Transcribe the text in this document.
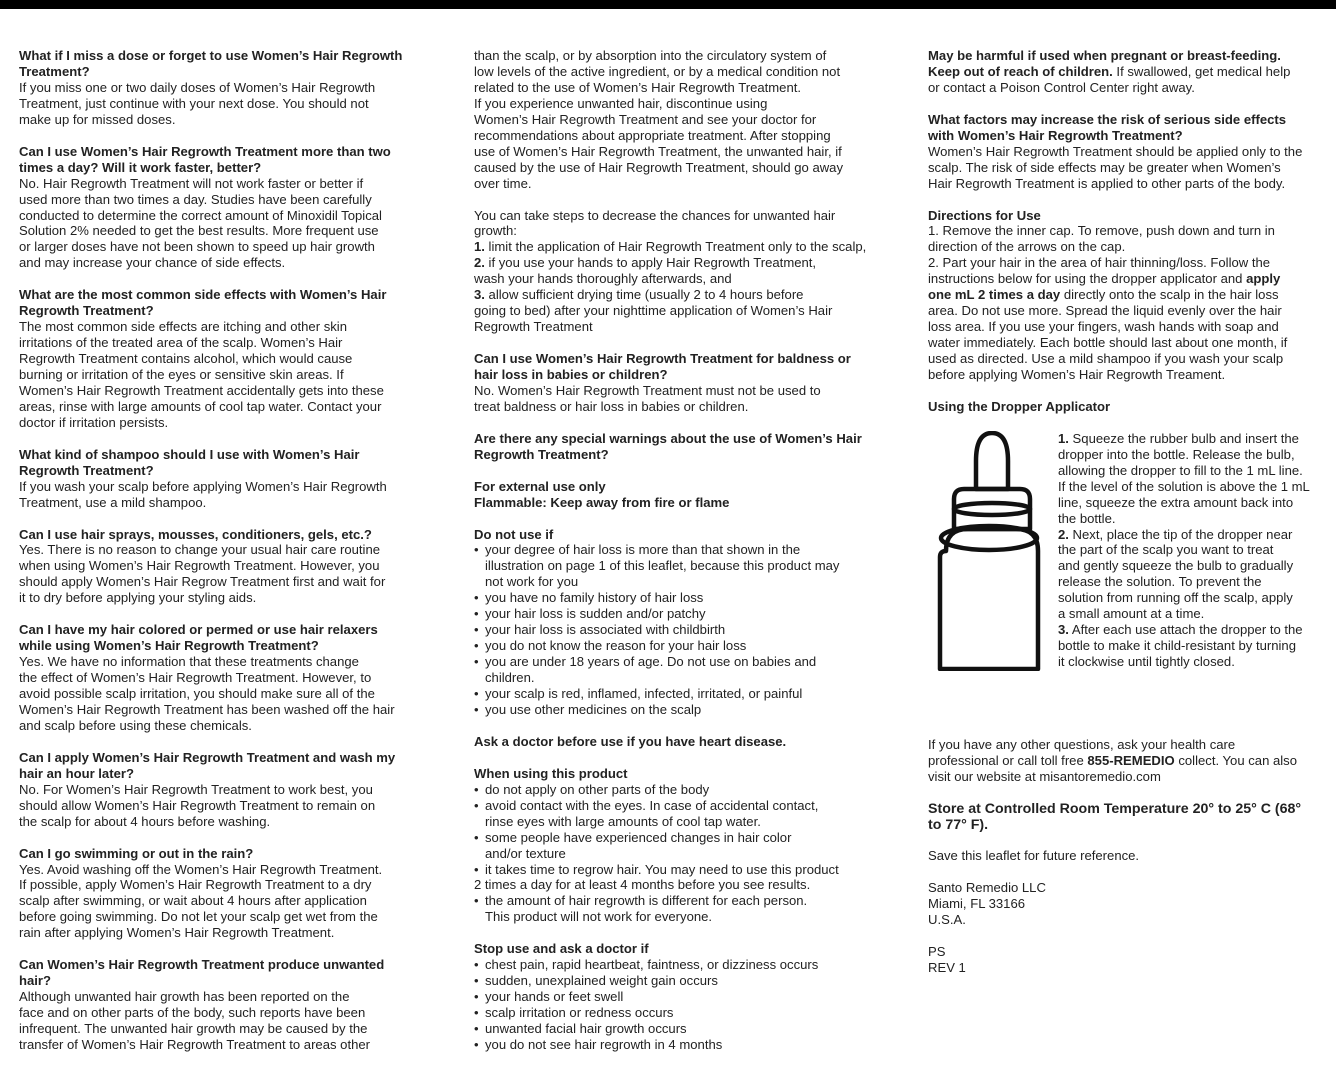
What if I miss a dose or forget to use Women’s Hair Regrowth
Treatment?
If you miss one or two daily doses of Women’s Hair Regrowth
Treatment, just continue with your next dose. You should not
make up for missed doses.
Can I use Women’s Hair Regrowth Treatment more than two
times a day? Will it work faster, better?
No. Hair Regrowth Treatment will not work faster or better if
used more than two times a day. Studies have been carefully
conducted to determine the correct amount of Minoxidil Topical
Solution 2% needed to get the best results. More frequent use
or larger doses have not been shown to speed up hair growth
and may increase your chance of side effects.
What are the most common side effects with Women’s Hair
Regrowth Treatment?
The most common side effects are itching and other skin
irritations of the treated area of the scalp. Women’s Hair
Regrowth Treatment contains alcohol, which would cause
burning or irritation of the eyes or sensitive skin areas. If
Women’s Hair Regrowth Treatment accidentally gets into these
areas, rinse with large amounts of cool tap water. Contact your
doctor if irritation persists.
What kind of shampoo should I use with Women’s Hair
Regrowth Treatment?
If you wash your scalp before applying Women’s Hair Regrowth
Treatment, use a mild shampoo.
Can I use hair sprays, mousses, conditioners, gels, etc.?
Yes. There is no reason to change your usual hair care routine
when using Women’s Hair Regrowth Treatment. However, you
should apply Women’s Hair Regrow Treatment first and wait for
it to dry before applying your styling aids.
Can I have my hair colored or permed or use hair relaxers
while using Women’s Hair Regrowth Treatment?
Yes. We have no information that these treatments change
the effect of Women’s Hair Regrowth Treatment. However, to
avoid possible scalp irritation, you should make sure all of the
Women’s Hair Regrowth Treatment has been washed off the hair
and scalp before using these chemicals.
Can I apply Women’s Hair Regrowth Treatment and wash my
hair an hour later?
No. For Women’s Hair Regrowth Treatment to work best, you
should allow Women’s Hair Regrowth Treatment to remain on
the scalp for about 4 hours before washing.
Can I go swimming or out in the rain?
Yes. Avoid washing off the Women’s Hair Regrowth Treatment.
If possible, apply Women’s Hair Regrowth Treatment to a dry
scalp after swimming, or wait about 4 hours after application
before going swimming. Do not let your scalp get wet from the
rain after applying Women’s Hair Regrowth Treatment.
Can Women’s Hair Regrowth Treatment produce unwanted
hair?
Although unwanted hair growth has been reported on the
face and on other parts of the body, such reports have been
infrequent. The unwanted hair growth may be caused by the
transfer of Women’s Hair Regrowth Treatment to areas other
than the scalp, or by absorption into the circulatory system of
low levels of the active ingredient, or by a medical condition not
related to the use of Women’s Hair Regrowth Treatment.
If you experience unwanted hair, discontinue using
Women’s Hair Regrowth Treatment and see your doctor for
recommendations about appropriate treatment. After stopping
use of Women’s Hair Regrowth Treatment, the unwanted hair, if
caused by the use of Hair Regrowth Treatment, should go away
over time.
You can take steps to decrease the chances for unwanted hair
growth:
1. limit the application of Hair Regrowth Treatment only to the scalp,
2. if you use your hands to apply Hair Regrowth Treatment,
wash your hands thoroughly afterwards, and
3. allow sufficient drying time (usually 2 to 4 hours before
going to bed) after your nighttime application of Women’s Hair
Regrowth Treatment
Can I use Women’s Hair Regrowth Treatment for baldness or
hair loss in babies or children?
No. Women’s Hair Regrowth Treatment must not be used to
treat baldness or hair loss in babies or children.
Are there any special warnings about the use of Women’s Hair
Regrowth Treatment?
For external use only
Flammable: Keep away from fire or flame
Do not use if
• your degree of hair loss is more than that shown in the
illustration on page 1 of this leaflet, because this product may
not work for you
• you have no family history of hair loss
• your hair loss is sudden and/or patchy
• your hair loss is associated with childbirth
• you do not know the reason for your hair loss
• you are under 18 years of age. Do not use on babies and
children.
• your scalp is red, inflamed, infected, irritated, or painful
• you use other medicines on the scalp
Ask a doctor before use if you have heart disease.
When using this product
• do not apply on other parts of the body
• avoid contact with the eyes. In case of accidental contact,
rinse eyes with large amounts of cool tap water.
• some people have experienced changes in hair color
and/or texture
• it takes time to regrow hair. You may need to use this product
2 times a day for at least 4 months before you see results.
• the amount of hair regrowth is different for each person.
This product will not work for everyone.
Stop use and ask a doctor if
• chest pain, rapid heartbeat, faintness, or dizziness occurs
• sudden, unexplained weight gain occurs
• your hands or feet swell
• scalp irritation or redness occurs
• unwanted facial hair growth occurs
• you do not see hair regrowth in 4 months
May be harmful if used when pregnant or breast-feeding.
Keep out of reach of children. If swallowed, get medical help
or contact a Poison Control Center right away.
What factors may increase the risk of serious side effects
with Women’s Hair Regrowth Treatment?
Women’s Hair Regrowth Treatment should be applied only to the
scalp. The risk of side effects may be greater when Women’s
Hair Regrowth Treatment is applied to other parts of the body.
Directions for Use
1. Remove the inner cap. To remove, push down and turn in
direction of the arrows on the cap.
2. Part your hair in the area of hair thinning/loss. Follow the
instructions below for using the dropper applicator and apply
one mL 2 times a day directly onto the scalp in the hair loss
area. Do not use more. Spread the liquid evenly over the hair
loss area. If you use your fingers, wash hands with soap and
water immediately. Each bottle should last about one month, if
used as directed. Use a mild shampoo if you wash your scalp
before applying Women’s Hair Regrowth Treament.
Using the Dropper Applicator
1. Squeeze the rubber bulb and insert the
dropper into the bottle. Release the bulb,
allowing the dropper to fill to the 1 mL line.
If the level of the solution is above the 1 mL
line, squeeze the extra amount back into
the bottle.
2. Next, place the tip of the dropper near
the part of the scalp you want to treat
and gently squeeze the bulb to gradually
release the solution. To prevent the
solution from running off the scalp, apply
a small amount at a time.
3. After each use attach the dropper to the
bottle to make it child-resistant by turning
it clockwise until tightly closed.
If you have any other questions, ask your health care
professional or call toll free 855-REMEDIO collect. You can also
visit our website at misantoremedio.com
Store at Controlled Room Temperature 20° to 25° C (68°
to 77° F).
Save this leaflet for future reference.
Santo Remedio LLC
Miami, FL 33166
U.S.A.
PS
REV 1
